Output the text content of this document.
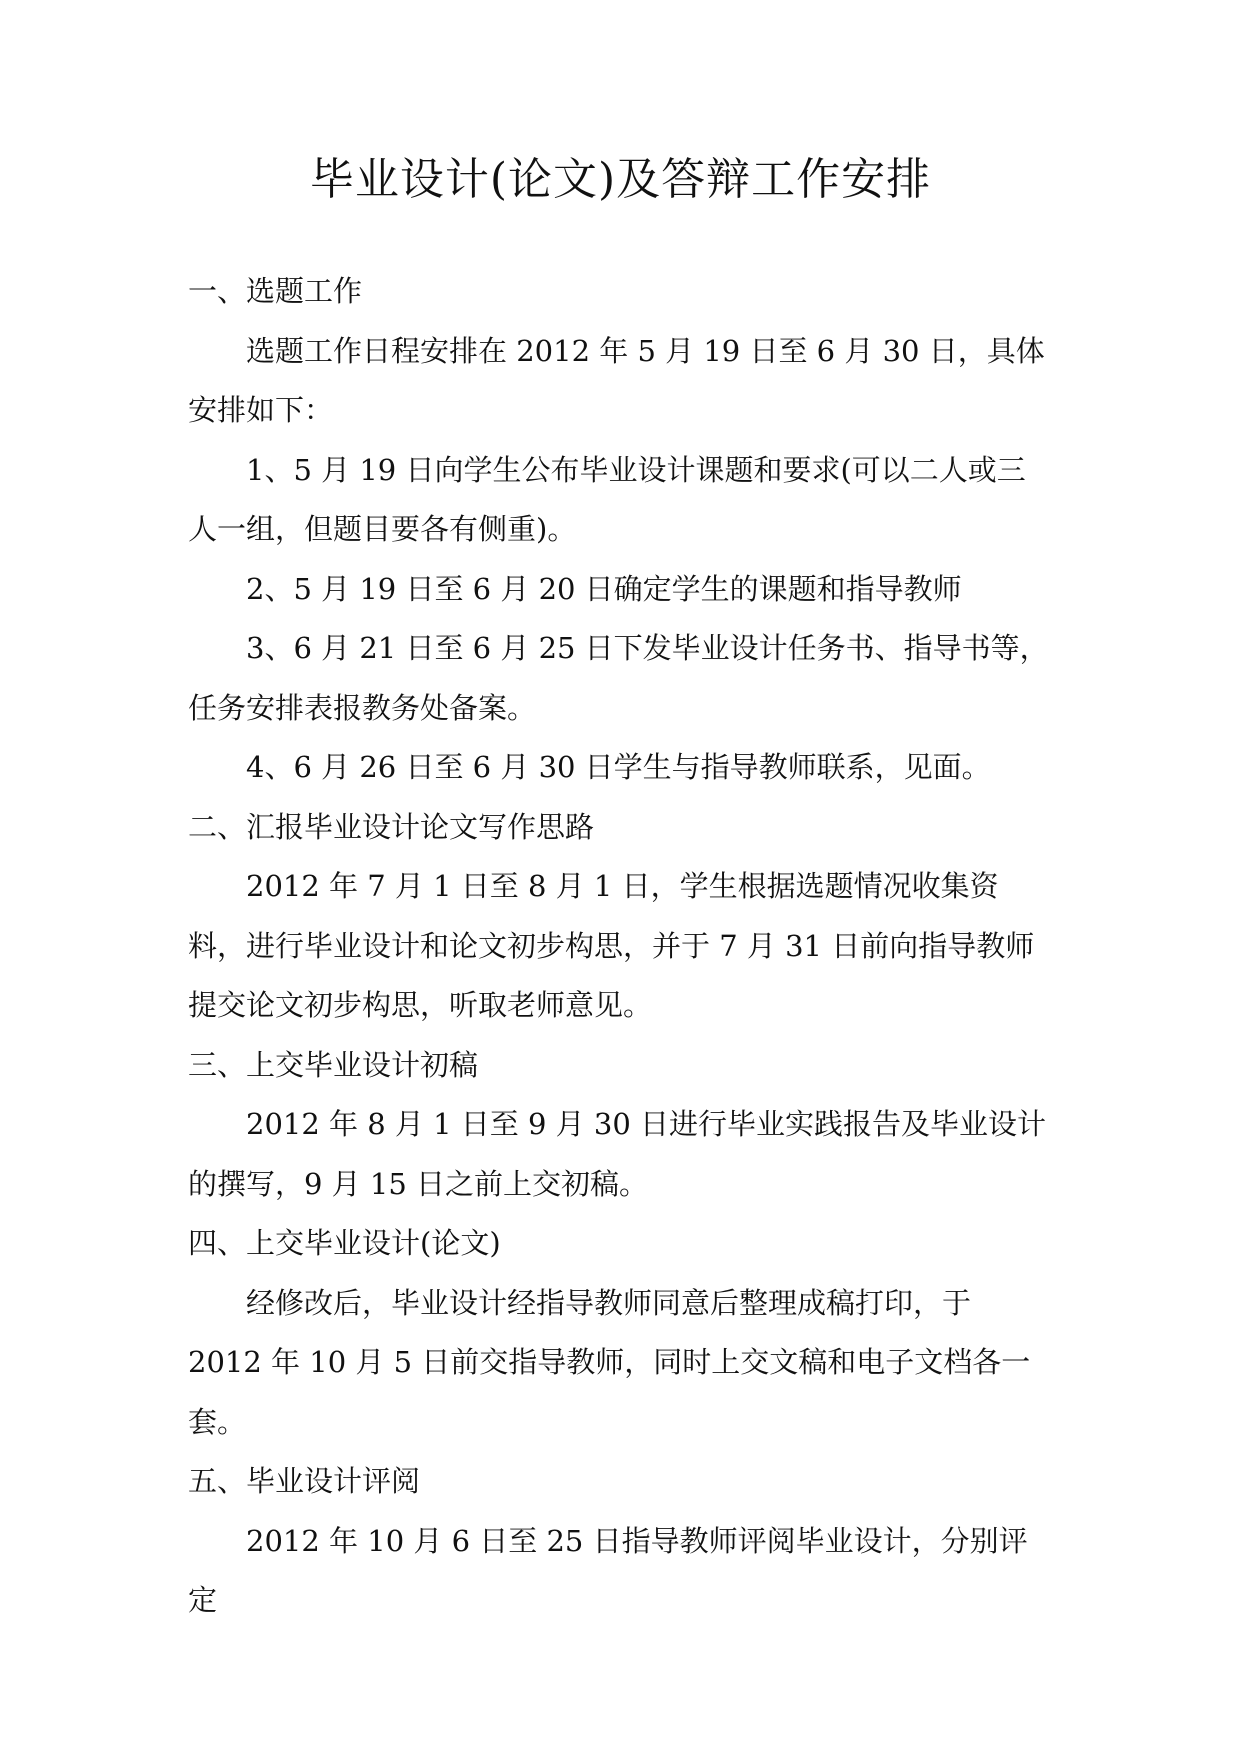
毕业设计(论文)及答辩工作安排

一、选题工作

选题工作日程安排在 2012 年 5 月 19 日至 6 月 30 日，具体安排如下：

1、5 月 19 日向学生公布毕业设计课题和要求(可以二人或三人一组，但题目要各有侧重)。

2、5 月 19 日至 6 月 20 日确定学生的课题和指导教师

3、6 月 21 日至 6 月 25 日下发毕业设计任务书、指导书等，任务安排表报教务处备案。

4、6 月 26 日至 6 月 30 日学生与指导教师联系，见面。

二、汇报毕业设计论文写作思路

2012 年 7 月 1 日至 8 月 1 日，学生根据选题情况收集资料，进行毕业设计和论文初步构思，并于 7 月 31 日前向指导教师提交论文初步构思，听取老师意见。

三、上交毕业设计初稿

2012 年 8 月 1 日至 9 月 30 日进行毕业实践报告及毕业设计的撰写，9 月 15 日之前上交初稿。

四、上交毕业设计(论文)

经修改后，毕业设计经指导教师同意后整理成稿打印，于 2012 年 10 月 5 日前交指导教师，同时上交文稿和电子文档各一套。

五、毕业设计评阅

2012 年 10 月 6 日至 25 日指导教师评阅毕业设计，分别评定
